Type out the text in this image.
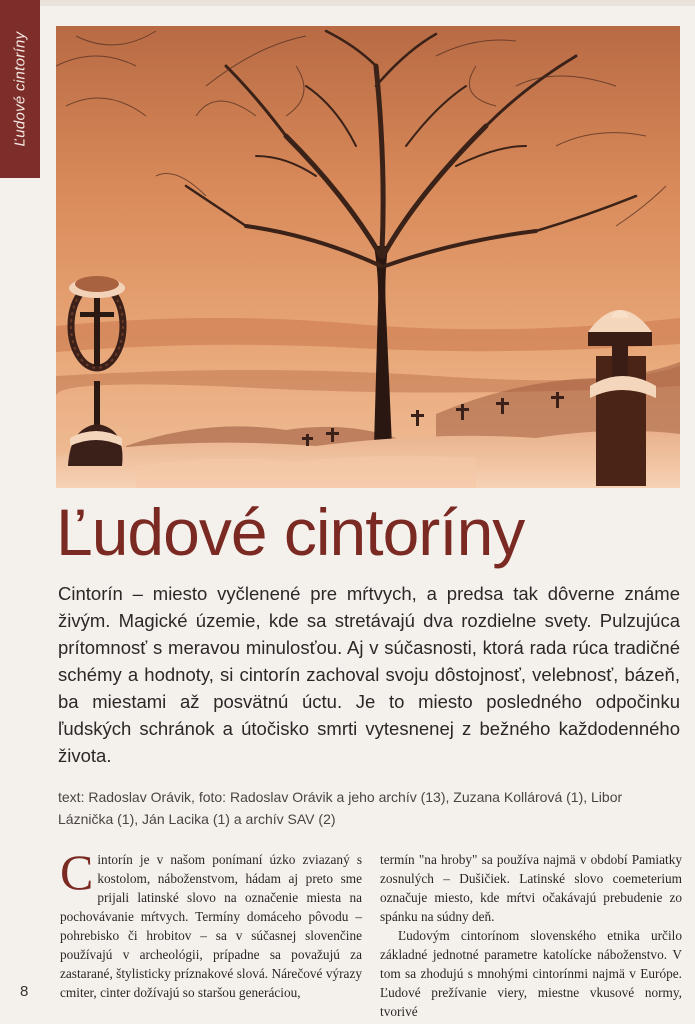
Ľudové cintoríny
Ľudové cintoríny

Cintorín – miesto vyčlenené pre mŕtvych, a predsa tak dôverne známe živým. Magické územie, kde sa stretávajú dva rozdielne svety. Pulzujúca prítomnosť s meravou minulosťou. Aj v súčasnosti, ktorá rada rúca tradičné schémy a hodnoty, si cintorín zachoval svoju dôstojnosť, velebnosť, bázeň, ba miestami až posvätnú úctu. Je to miesto posledného odpočinku ľudských schránok a útočisko smrti vytesnenej z bežného každodenného života.

text: Radoslav Orávik, foto: Radoslav Orávik a jeho archív (13), Zuzana Kollárová (1), Libor Láznička (1), Ján Lacika (1) a archív SAV (2)

Cintorín je v našom ponímaní úzko zviazaný s kostolom, náboženstvom, hádam aj preto sme prijali latinské slovo na označenie miesta na pochovávanie mŕtvych. Termíny domáceho pôvodu – pohrebisko či hrobitov – sa v súčasnej slovenčine používajú v archeológii, prípadne sa považujú za zastarané, štylisticky príznakové slová. Nárečové výrazy cmiter, cinter dožívajú so staršou generáciou,

termín "na hroby" sa používa najmä v období Pamiatky zosnulých – Dušičiek. Latinské slovo coemeterium označuje miesto, kde mŕtvi očakávajú prebudenie zo spánku na súdny deň.

Ľudovým cintorínom slovenského etnika určilo základné jednotné parametre katolícke náboženstvo. V tom sa zhodujú s mnohými cintorínmi najmä v Európe. Ľudové prežívanie viery, miestne vkusové normy, tvorivé

8
